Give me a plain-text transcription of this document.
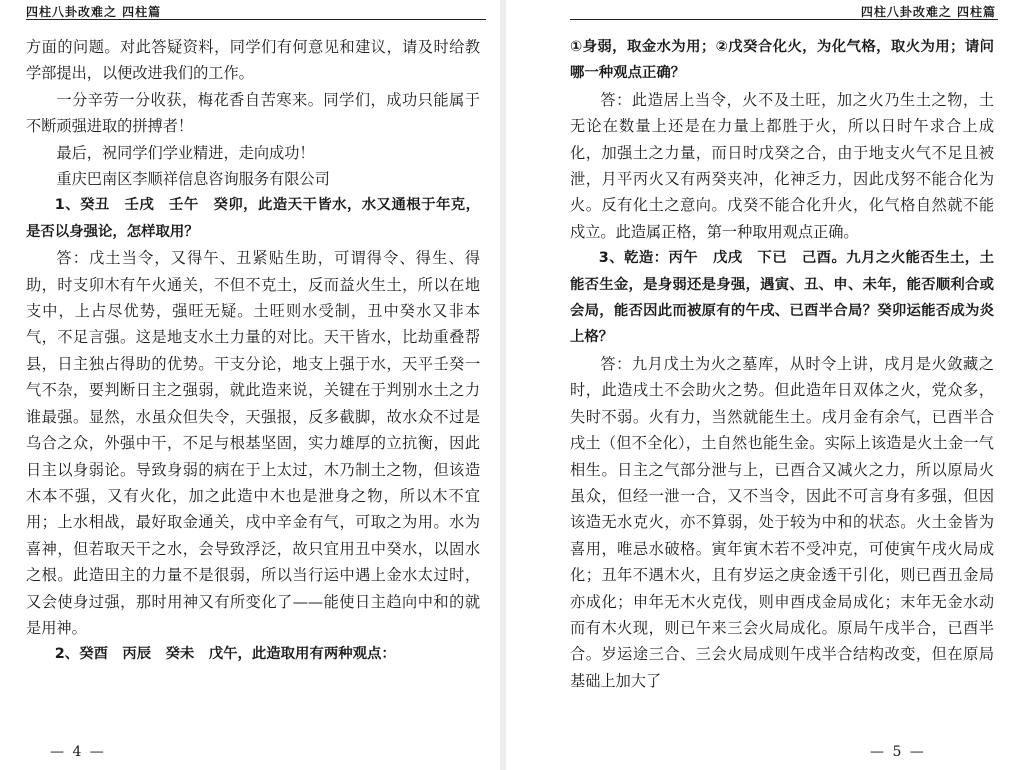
四柱八卦改难之 四柱篇

方面的问题。对此答疑资料，同学们有何意见和建议，请及时给教学部提出，以便改进我们的工作。

一分辛劳一分收获，梅花香自苦寒来。同学们，成功只能属于不断顽强进取的拼搏者！

最后，祝同学们学业精进，走向成功！

重庆巴南区李顺祥信息咨询服务有限公司

1、癸丑　壬戌　壬午　癸卯，此造天干皆水，水又通根于年克，是否以身强论，怎样取用？

答：戊土当令，又得午、丑紧贴生助，可谓得令、得生、得助，时支卯木有午火通关，不但不克土，反而益火生土，所以在地支中，上占尽优势，强旺无疑。土旺则水受制，丑中癸水又非本气，不足言强。这是地支水土力量的对比。天干皆水，比劫重叠帮县，日主独占得助的优势。干支分论，地支上强于水，天平壬癸一气不杂，要判断日主之强弱，就此造来说，关键在于判别水土之力谁最强。显然，水虽众但失令，天强报，反多截脚，故水众不过是乌合之众，外强中干，不足与根基坚固，实力雄厚的立抗衡，因此日主以身弱论。导致身弱的病在于上太过，木乃制土之物，但该造木本不强，又有火化，加之此造中木也是泄身之物，所以木不宜用；上水相战，最好取金通关，戌中辛金有气，可取之为用。水为喜神，但若取天干之水，会导致浮泛，故只宜用丑中癸水，以固水之根。此造田主的力量不是很弱，所以当行运中遇上金水太过时，又会使身过强，那时用神又有所变化了——能使日主趋向中和的就是用神。

2、癸酉　丙辰　癸未　戊午，此造取用有两种观点：

— 4 —
四柱八卦改难之 四柱篇

①身弱，取金水为用；②戊癸合化火，为化气格，取火为用；请问哪一种观点正确？

答：此造居上当令，火不及土旺，加之火乃生土之物，土无论在数量上还是在力量上都胜于火，所以日时午求合上成化，加强土之力量，而日时戊癸之合，由于地支火气不足且被泄，月平丙火又有两癸夹冲，化神乏力，因此戊努不能合化为火。反有化土之意向。戊癸不能合化升火，化气格自然就不能戍立。此造属正格，第一种取用观点正确。

3、乾造：丙午　戊戌　下已　己酉。九月之火能否生土，土能否生金，是身弱还是身强，遇寅、丑、申、未年，能否顺利合或会局，能否因此而被原有的午戌、已酉半合局？癸卯运能否成为炎上格？

答：九月戊土为火之墓库，从时令上讲，戌月是火敛藏之时，此造戌土不会助火之势。但此造年日双体之火，党众多，失时不弱。火有力，当然就能生土。戌月金有余气，已酉半合戌土（但不全化），土自然也能生金。实际上该造是火土金一气相生。日主之气部分泄与上，已酉合又减火之力，所以原局火虽众，但经一泄一合，又不当令，因此不可言身有多强，但因该造无水克火，亦不算弱，处于较为中和的状态。火土金皆为喜用，唯忌水破格。寅年寅木若不受冲克，可使寅午戌火局成化；丑年不遇木火，且有岁运之庚金透干引化，则已酉丑金局亦成化；申年无木火克伐，则申酉戌金局成化；末年无金水动而有木火现，则已午来三会火局成化。原局午戌半合，已酉半合。岁运途三合、三会火局成则午戌半合结构改变，但在原局基础上加大了

— 5 —
